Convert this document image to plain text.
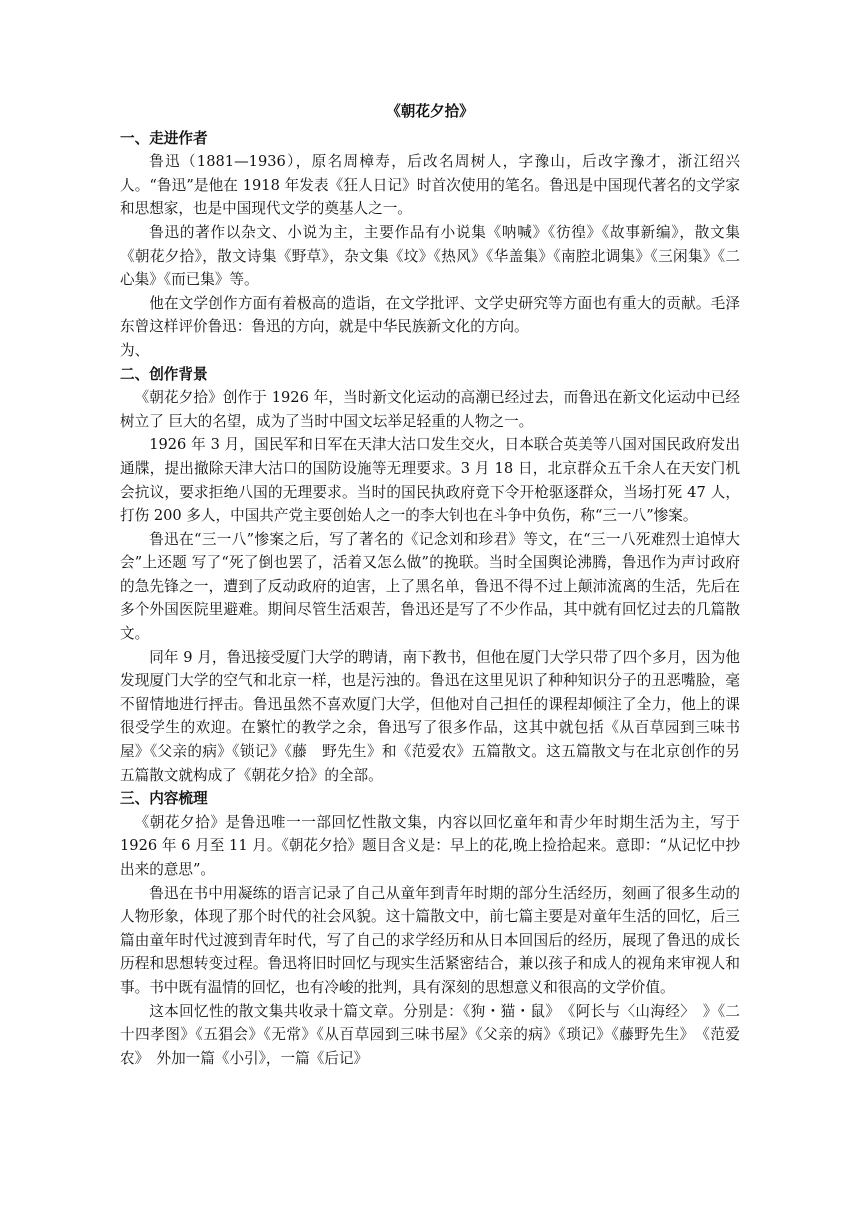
《朝花夕拾》

一、走进作者

鲁迅（1881—1936），原名周樟寿，后改名周树人，字豫山，后改字豫才，浙江绍兴人。“鲁迅”是他在 1918 年发表《狂人日记》时首次使用的笔名。鲁迅是中国现代著名的文学家和思想家，也是中国现代文学的奠基人之一。

鲁迅的著作以杂文、小说为主，主要作品有小说集《呐喊》《彷徨》《故事新编》，散文集《朝花夕拾》，散文诗集《野草》，杂文集《坟》《热风》《华盖集》《南腔北调集》《三闲集》《二心集》《而已集》等。

他在文学创作方面有着极高的造诣，在文学批评、文学史研究等方面也有重大的贡献。毛泽东曾这样评价鲁迅：鲁迅的方向，就是中华民族新文化的方向。

为、

二、创作背景

《朝花夕拾》创作于 1926 年，当时新文化运动的高潮已经过去，而鲁迅在新文化运动中已经树立了 巨大的名望，成为了当时中国文坛举足轻重的人物之一。

1926 年 3 月，国民军和日军在天津大沽口发生交火，日本联合英美等八国对国民政府发出通牒，提出撤除天津大沽口的国防设施等无理要求。3 月 18 日，北京群众五千余人在天安门机会抗议，要求拒绝八国的无理要求。当时的国民执政府竟下令开枪驱逐群众，当场打死 47 人，打伤 200 多人，中国共产党主要创始人之一的李大钊也在斗争中负伤，称“三一八”惨案。

鲁迅在“三一八”惨案之后，写了著名的《记念刘和珍君》等文，在“三一八死难烈士追悼大会”上还题 写了“死了倒也罢了，活着又怎么做”的挽联。当时全国舆论沸腾，鲁迅作为声讨政府的急先锋之一，遭到了反动政府的迫害，上了黑名单，鲁迅不得不过上颠沛流离的生活，先后在多个外国医院里避难。期间尽管生活艰苦，鲁迅还是写了不少作品，其中就有回忆过去的几篇散文。

同年 9 月，鲁迅接受厦门大学的聘请，南下教书，但他在厦门大学只带了四个多月，因为他发现厦门大学的空气和北京一样，也是污浊的。鲁迅在这里见识了种种知识分子的丑恶嘴脸，毫不留情地进行抨击。鲁迅虽然不喜欢厦门大学，但他对自己担任的课程却倾注了全力，他上的课很受学生的欢迎。在繁忙的教学之余，鲁迅写了很多作品，这其中就包括《从百草园到三味书屋》《父亲的病》《锁记》《藤　野先生》和《范爱农》五篇散文。这五篇散文与在北京创作的另五篇散文就构成了《朝花夕拾》的全部。

三、内容梳理

《朝花夕拾》是鲁迅唯一一部回忆性散文集，内容以回忆童年和青少年时期生活为主，写于 1926 年 6 月至 11 月。《朝花夕拾》题目含义是：早上的花,晚上捡拾起来。意即：“从记忆中抄出来的意思”。

鲁迅在书中用凝练的语言记录了自己从童年到青年时期的部分生活经历，刻画了很多生动的人物形象，体现了那个时代的社会风貌。这十篇散文中，前七篇主要是对童年生活的回忆，后三篇由童年时代过渡到青年时代，写了自己的求学经历和从日本回国后的经历，展现了鲁迅的成长历程和思想转变过程。鲁迅将旧时回忆与现实生活紧密结合，兼以孩子和成人的视角来审视人和事。书中既有温情的回忆，也有冷峻的批判，具有深刻的思想意义和很高的文学价值。

这本回忆性的散文集共收录十篇文章。分别是：《狗・猫・鼠》　《阿长与〈山海经〉　》《二十四孝图》《五猖会》《无常》《从百草园到三味书屋》《父亲的病》《琐记》《藤野先生》　《范爱农》　外加一篇《小引》，一篇《后记》
